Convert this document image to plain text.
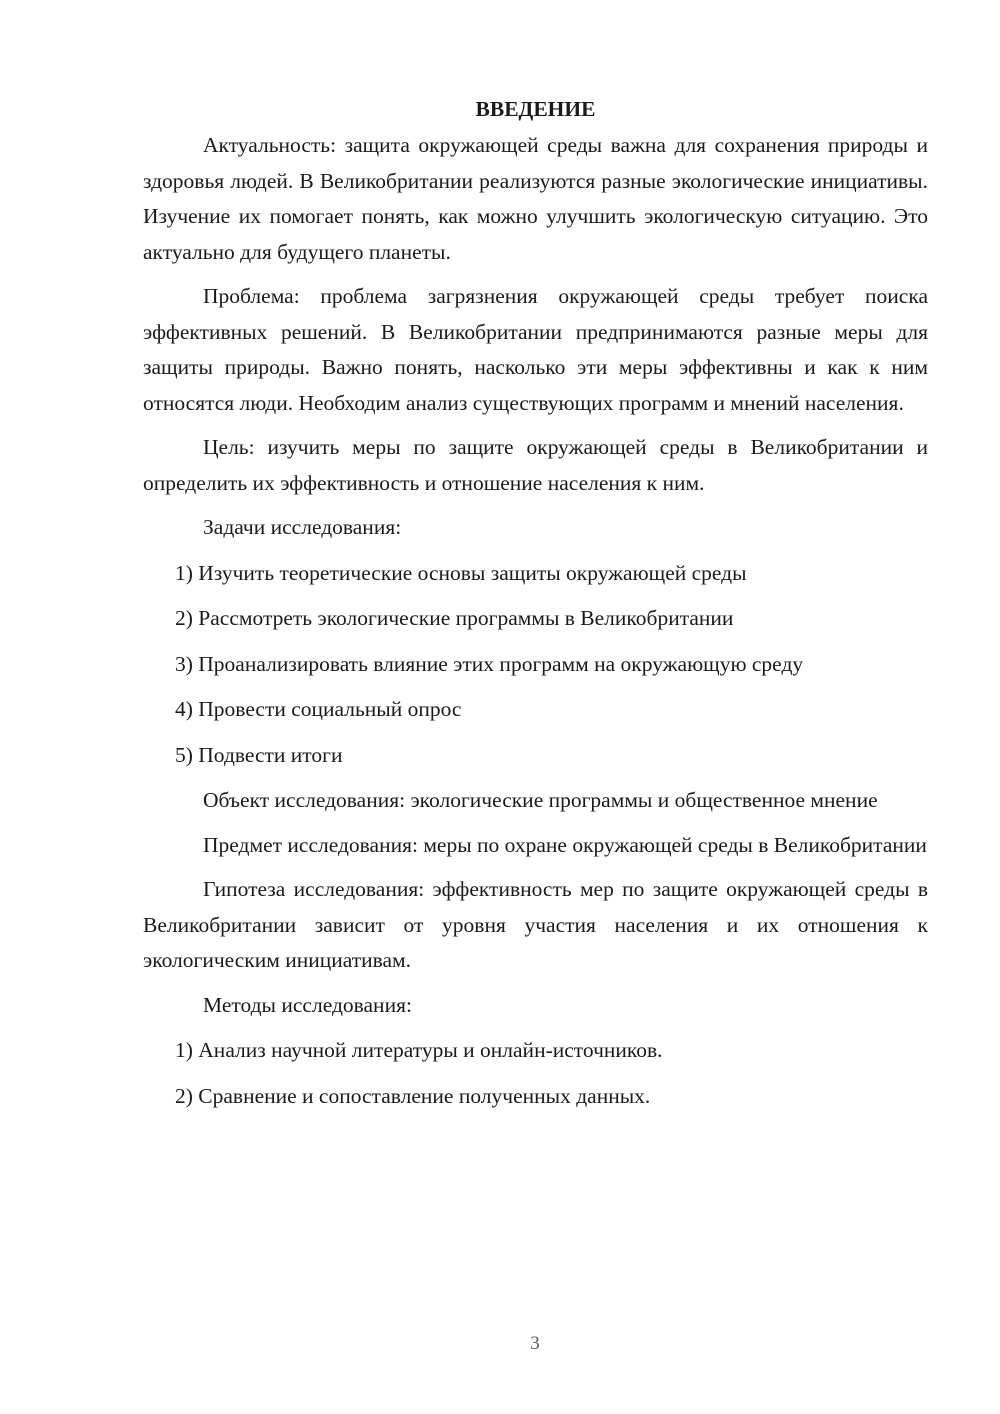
ВВЕДЕНИЕ

Актуальность: защита окружающей среды важна для сохранения природы и здоровья людей. В Великобритании реализуются разные экологические инициативы. Изучение их помогает понять, как можно улучшить экологическую ситуацию. Это актуально для будущего планеты.

Проблема: проблема загрязнения окружающей среды требует поиска эффективных решений. В Великобритании предпринимаются разные меры для защиты природы. Важно понять, насколько эти меры эффективны и как к ним относятся люди. Необходим анализ существующих программ и мнений населения.

Цель: изучить меры по защите окружающей среды в Великобритании и определить их эффективность и отношение населения к ним.

Задачи исследования:

1) Изучить теоретические основы защиты окружающей среды

2) Рассмотреть экологические программы в Великобритании

3) Проанализировать влияние этих программ на окружающую среду

4) Провести социальный опрос

5) Подвести итоги

Объект исследования: экологические программы и общественное мнение

Предмет исследования: меры по охране окружающей среды в Великобритании

Гипотеза исследования: эффективность мер по защите окружающей среды в Великобритании зависит от уровня участия населения и их отношения к экологическим инициативам.

Методы исследования:

1) Анализ научной литературы и онлайн-источников.

2) Сравнение и сопоставление полученных данных.

3
